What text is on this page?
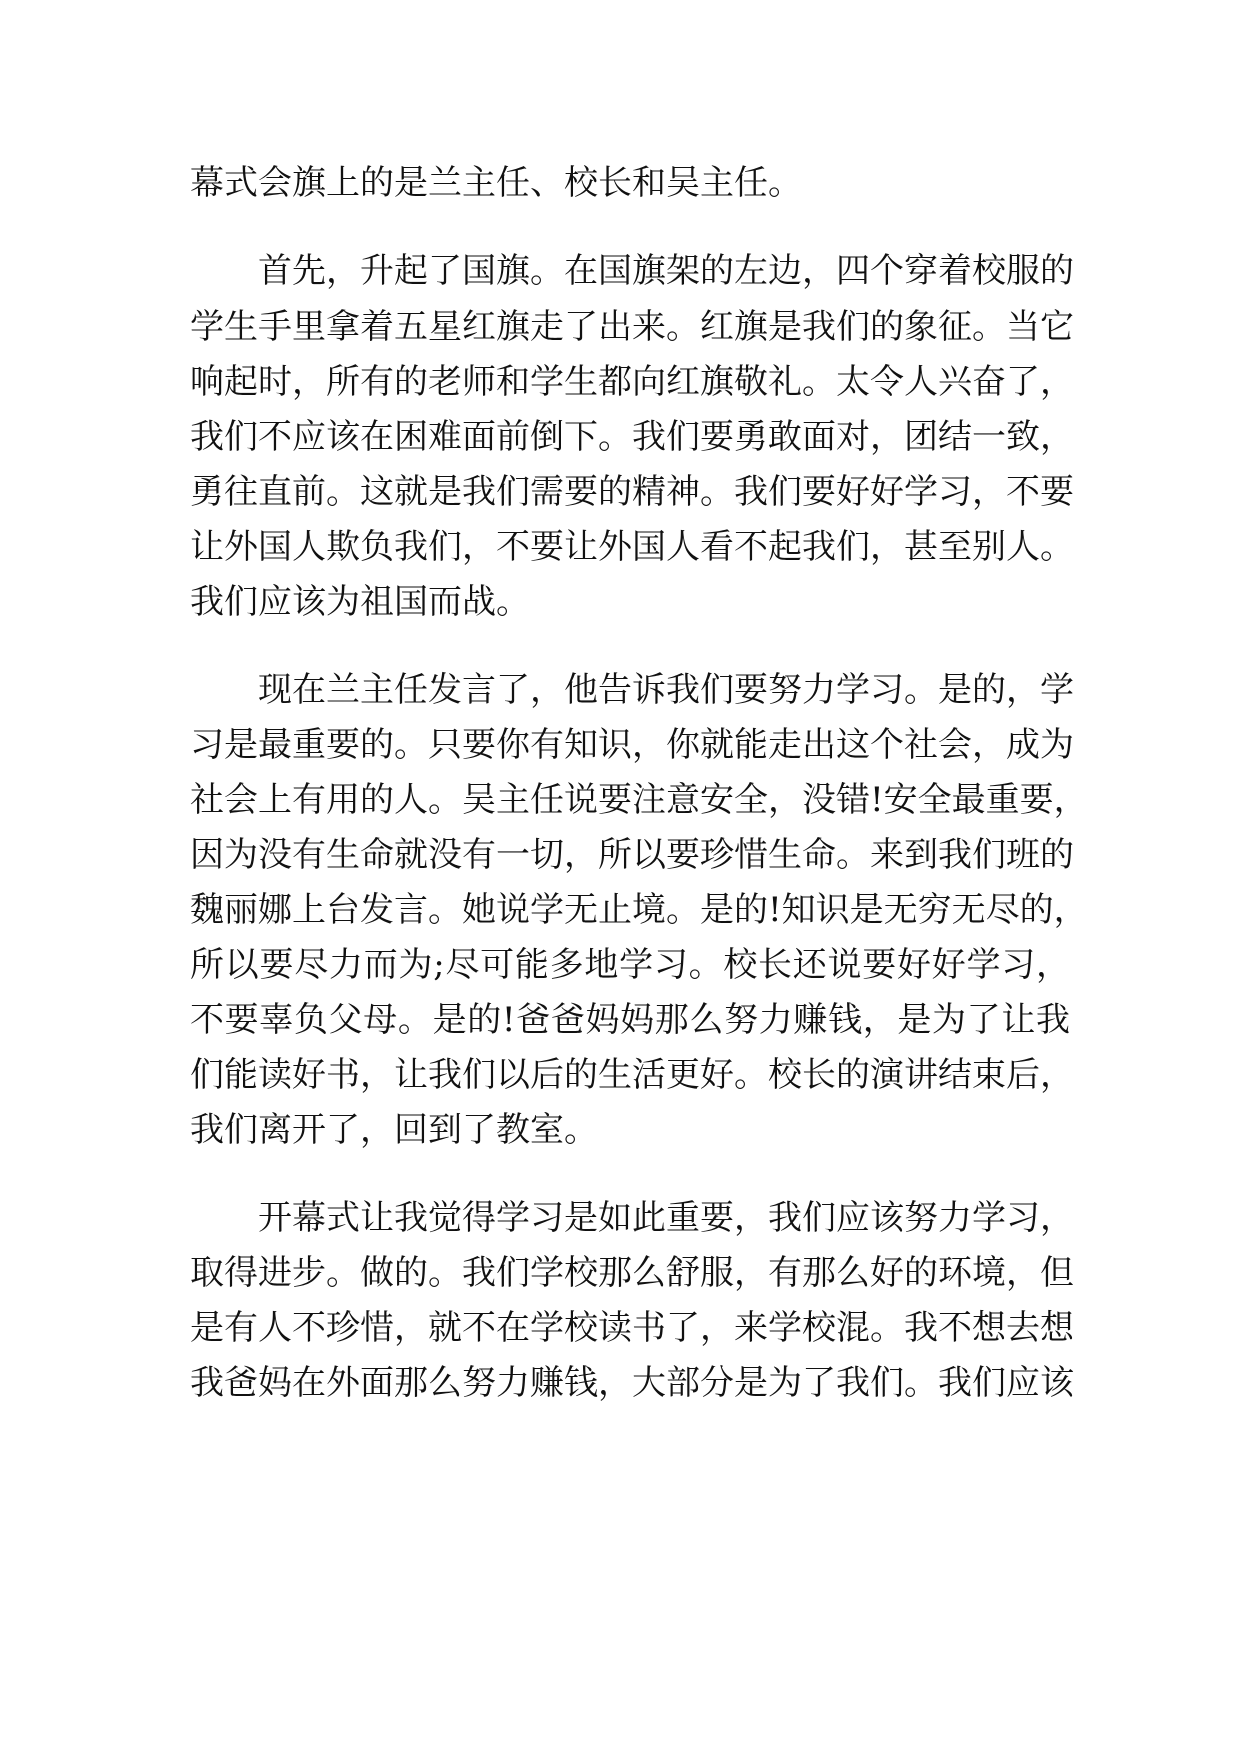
幕式会旗上的是兰主任、校长和吴主任。
首先，升起了国旗。在国旗架的左边，四个穿着校服的
学生手里拿着五星红旗走了出来。红旗是我们的象征。当它
响起时，所有的老师和学生都向红旗敬礼。太令人兴奋了，
我们不应该在困难面前倒下。我们要勇敢面对，团结一致，
勇往直前。这就是我们需要的精神。我们要好好学习，不要
让外国人欺负我们，不要让外国人看不起我们，甚至别人。
我们应该为祖国而战。
现在兰主任发言了，他告诉我们要努力学习。是的，学
习是最重要的。只要你有知识，你就能走出这个社会，成为
社会上有用的人。吴主任说要注意安全，没错!安全最重要，
因为没有生命就没有一切，所以要珍惜生命。来到我们班的
魏丽娜上台发言。她说学无止境。是的!知识是无穷无尽的，
所以要尽力而为;尽可能多地学习。校长还说要好好学习，
不要辜负父母。是的!爸爸妈妈那么努力赚钱，是为了让我
们能读好书，让我们以后的生活更好。校长的演讲结束后，
我们离开了，回到了教室。
开幕式让我觉得学习是如此重要，我们应该努力学习，
取得进步。做的。我们学校那么舒服，有那么好的环境，但
是有人不珍惜，就不在学校读书了，来学校混。我不想去想
我爸妈在外面那么努力赚钱，大部分是为了我们。我们应该
